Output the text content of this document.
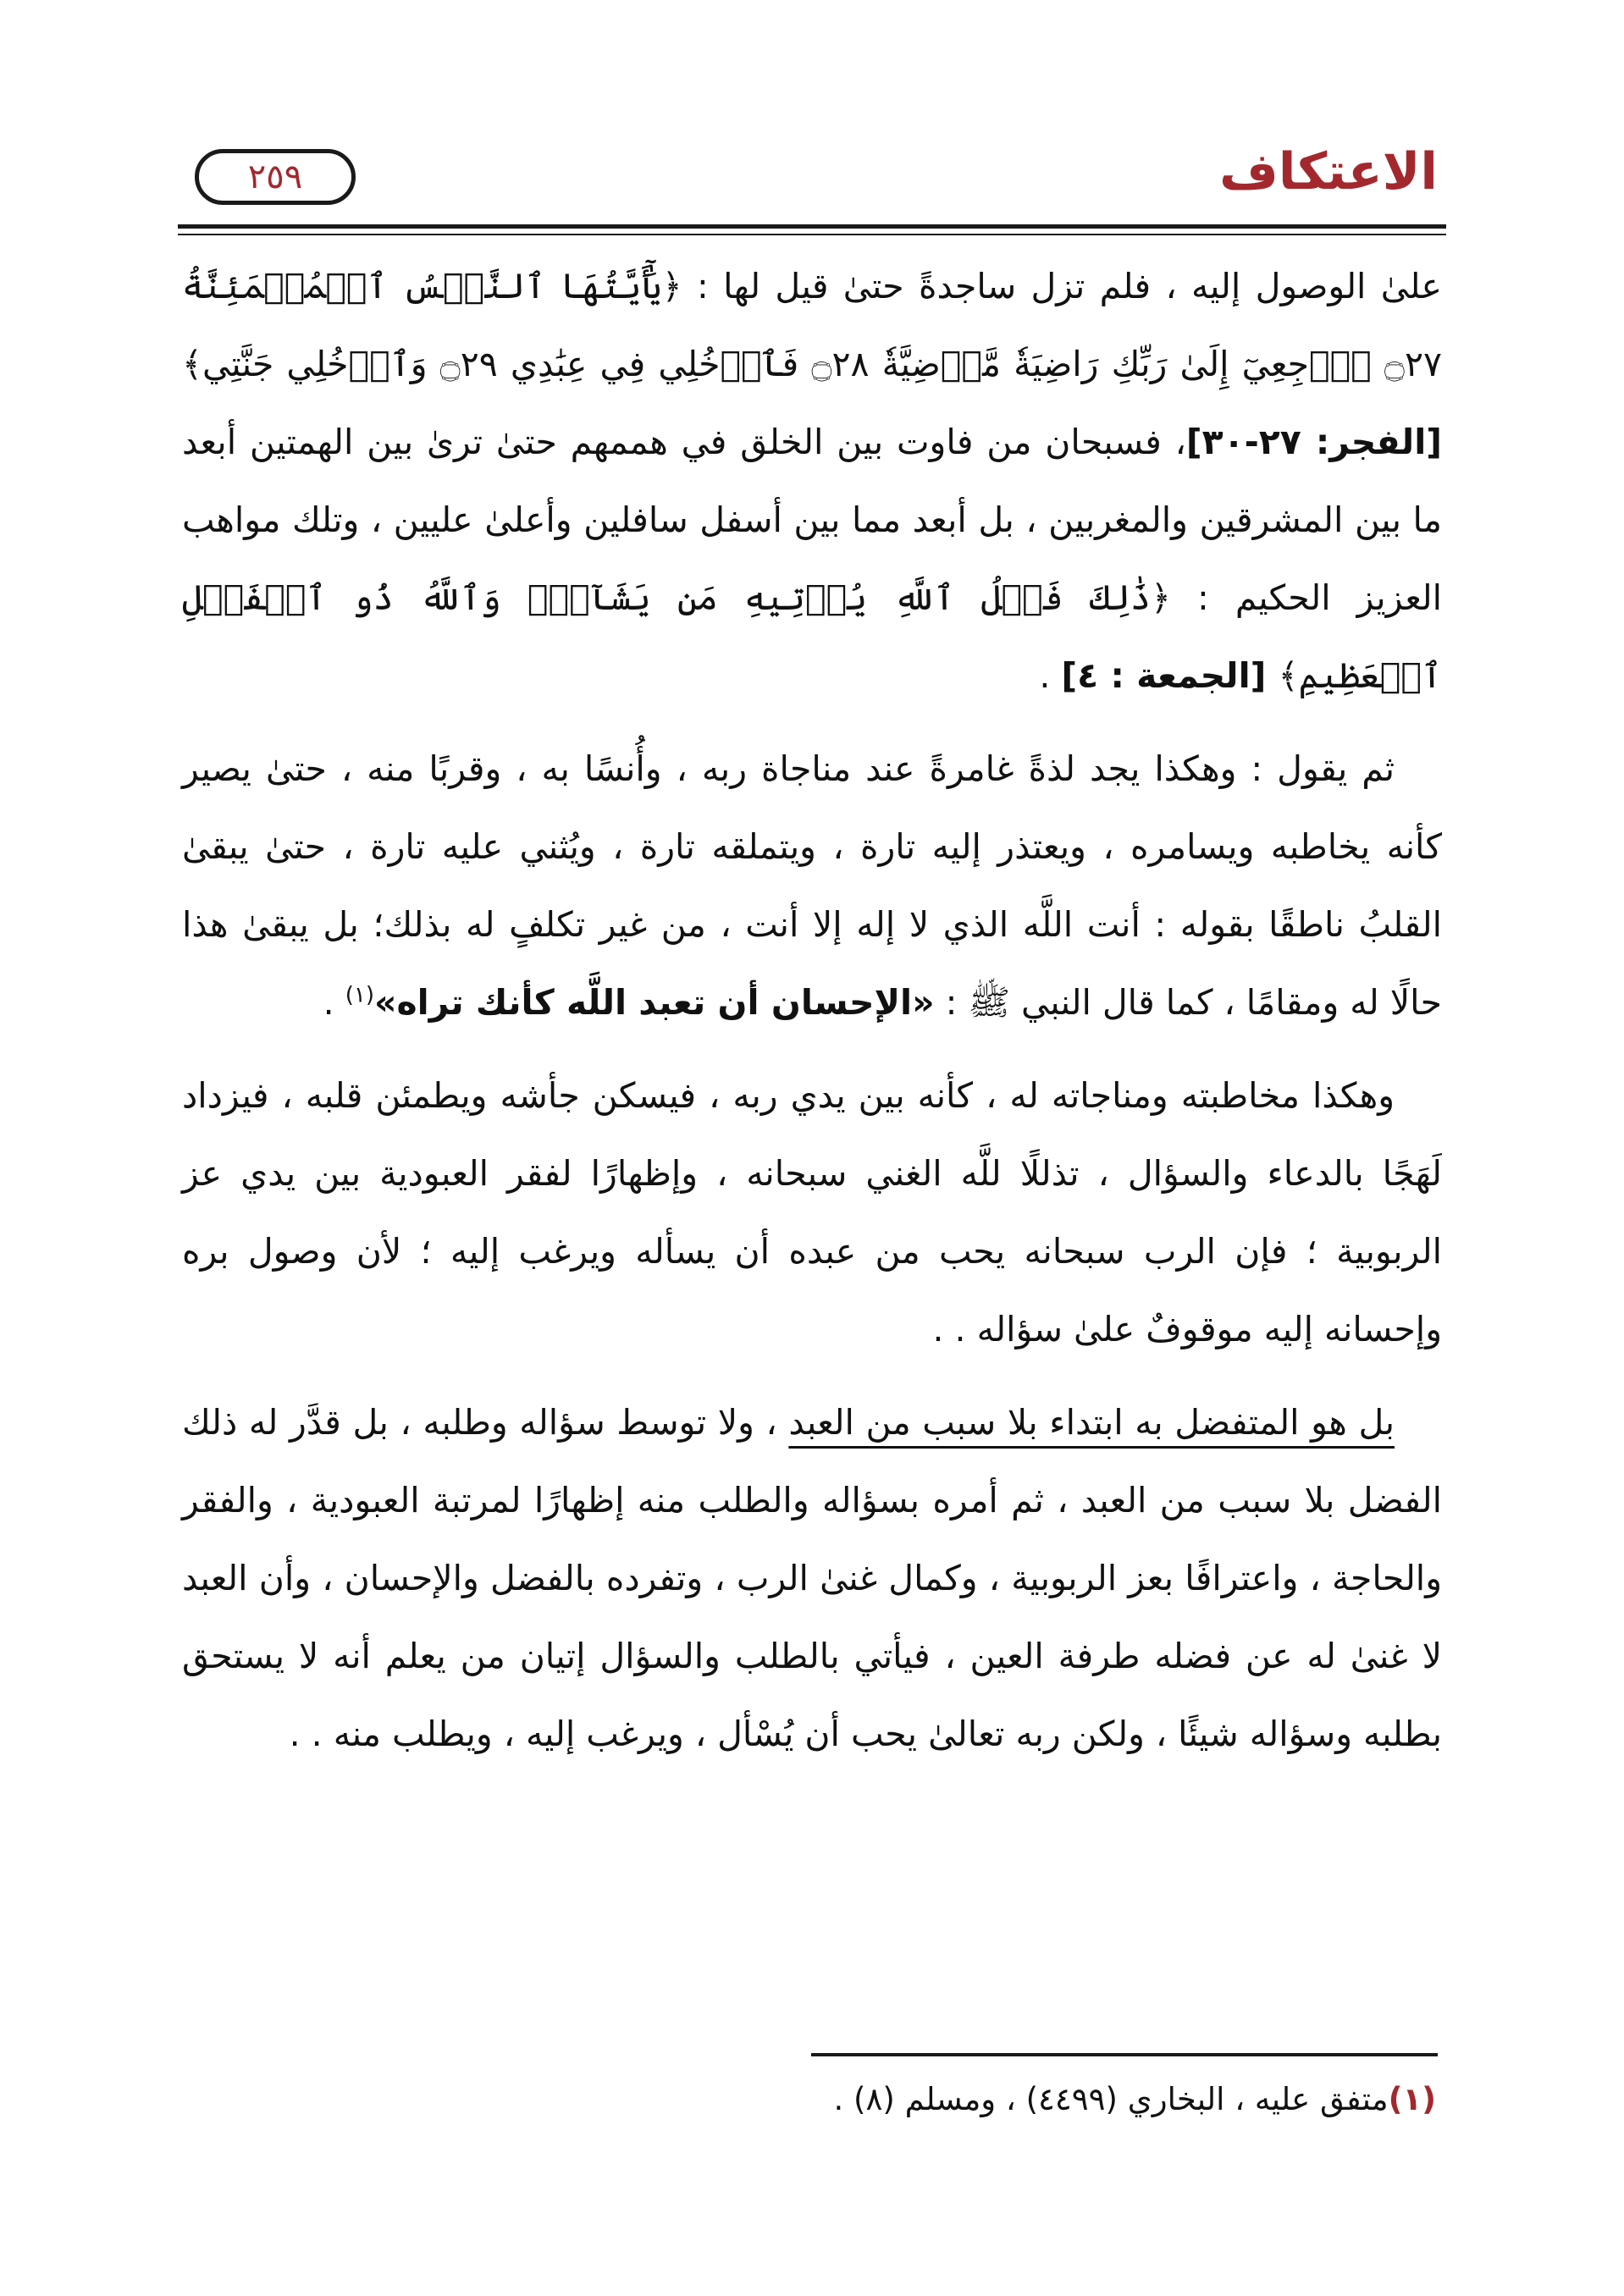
الاعتكاف
٢٥٩

علىٰ الوصول إليه ، فلم تزل ساجدةً حتىٰ قيل لها : ﴿يَٰٓأَيَّتُهَا ٱلنَّفۡسُ ٱلۡمُطۡمَئِنَّةُ ۝٢٧ ٱرۡجِعِيٓ إِلَىٰ رَبِّكِ رَاضِيَةٗ مَّرۡضِيَّةٗ ۝٢٨ فَٱدۡخُلِي فِي عِبَٰدِي ۝٢٩ وَٱدۡخُلِي جَنَّتِي﴾ [الفجر: ٢٧-٣٠]، فسبحان من فاوت بين الخلق في هممهم حتىٰ ترىٰ بين الهمتين أبعد ما بين المشرقين والمغربين ، بل أبعد مما بين أسفل سافلين وأعلىٰ عليين ، وتلك مواهب العزيز الحكيم : ﴿ذَٰلِكَ فَضۡلُ ٱللَّهِ يُؤۡتِيهِ مَن يَشَآءُۚ وَٱللَّهُ ذُو ٱلۡفَضۡلِ ٱلۡعَظِيمِ﴾ [الجمعة : ٤] .

ثم يقول : وهكذا يجد لذةً غامرةً عند مناجاة ربه ، وأُنسًا به ، وقربًا منه ، حتىٰ يصير كأنه يخاطبه ويسامره ، ويعتذر إليه تارة ، ويتملقه تارة ، ويُثني عليه تارة ، حتىٰ يبقىٰ القلبُ ناطقًا بقوله : أنت اللَّه الذي لا إله إلا أنت ، من غير تكلفٍ له بذلك؛ بل يبقىٰ هذا حالًا له ومقامًا ، كما قال النبي ﷺ : «الإحسان أن تعبد اللَّه كأنك تراه»$^{(١)}$ .

وهكذا مخاطبته ومناجاته له ، كأنه بين يدي ربه ، فيسكن جأشه ويطمئن قلبه ، فيزداد لَهَجًا بالدعاء والسؤال ، تذللًا للَّه الغني سبحانه ، وإظهارًا لفقر العبودية بين يدي عز الربوبية ؛ فإن الرب سبحانه يحب من عبده أن يسأله ويرغب إليه ؛ لأن وصول بره وإحسانه إليه موقوفٌ علىٰ سؤاله . .

بل هو المتفضل به ابتداء بلا سبب من العبد ، ولا توسط سؤاله وطلبه ، بل قدَّر له ذلك الفضل بلا سبب من العبد ، ثم أمره بسؤاله والطلب منه إظهارًا لمرتبة العبودية ، والفقر والحاجة ، واعترافًا بعز الربوبية ، وكمال غنىٰ الرب ، وتفرده بالفضل والإحسان ، وأن العبد لا غنىٰ له عن فضله طرفة العين ، فيأتي بالطلب والسؤال إتيان من يعلم أنه لا يستحق بطلبه وسؤاله شيئًا ، ولكن ربه تعالىٰ يحب أن يُسْأل ، ويرغب إليه ، ويطلب منه . .

(١)متفق عليه ، البخاري (٤٤٩٩) ، ومسلم (٨) .
